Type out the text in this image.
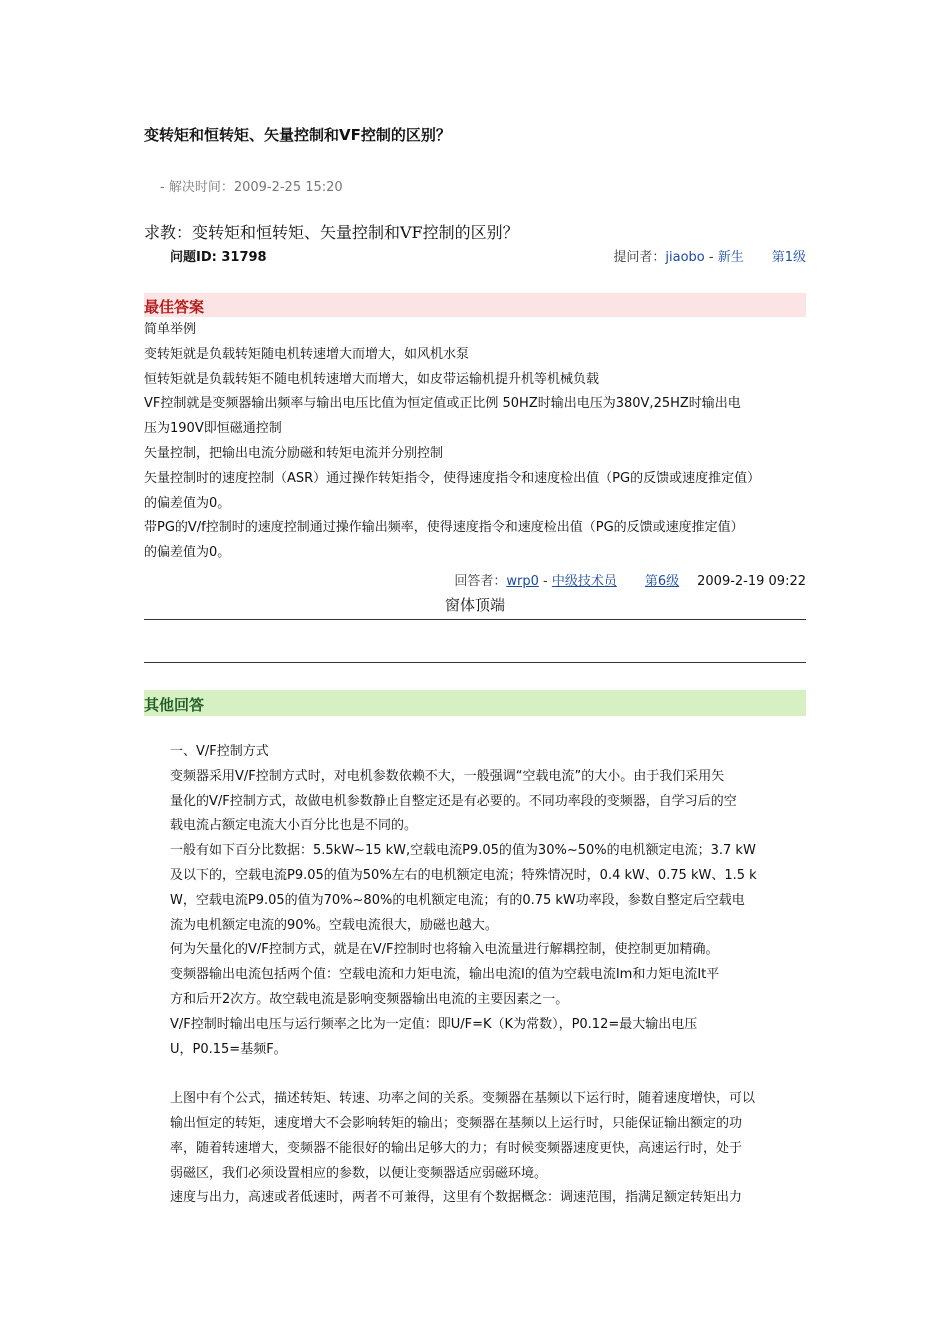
变转矩和恒转矩、矢量控制和VF控制的区别？
- 解决时间：2009-2-25 15:20
求教：变转矩和恒转矩、矢量控制和VF控制的区别？
问题ID: 31798	提问者：jiaobo - 新生 第1级
最佳答案

简单举例

变转矩就是负载转矩随电机转速增大而增大，如风机水泵

恒转矩就是负载转矩不随电机转速增大而增大，如皮带运输机提升机等机械负载

VF控制就是变频器输出频率与输出电压比值为恒定值或正比例 50HZ时输出电压为380V,25HZ时输出电

压为190V即恒磁通控制

矢量控制，把输出电流分励磁和转矩电流并分别控制

矢量控制时的速度控制（ASR）通过操作转矩指令，使得速度指令和速度检出值（PG的反馈或速度推定值）

的偏差值为0。

带PG的V/f控制时的速度控制通过操作输出频率，使得速度指令和速度检出值（PG的反馈或速度推定值）

的偏差值为0。

回答者：wrp0 - 中级技术员 第6级 2009-2-19 09:22
窗体顶端
其他回答

一、V/F控制方式

变频器采用V/F控制方式时，对电机参数依赖不大，一般强调“空载电流”的大小。由于我们采用矢

量化的V/F控制方式，故做电机参数静止自整定还是有必要的。不同功率段的变频器，自学习后的空

载电流占额定电流大小百分比也是不同的。

一般有如下百分比数据：5.5kW~15 kW,空载电流P9.05的值为30%~50%的电机额定电流；3.7 kW

及以下的，空载电流P9.05的值为50%左右的电机额定电流；特殊情况时，0.4 kW、0.75 kW、1.5 k

W，空载电流P9.05的值为70%~80%的电机额定电流；有的0.75 kW功率段，参数自整定后空载电

流为电机额定电流的90%。空载电流很大，励磁也越大。

何为矢量化的V/F控制方式，就是在V/F控制时也将输入电流量进行解耦控制，使控制更加精确。

变频器输出电流包括两个值：空载电流和力矩电流，输出电流I的值为空载电流Im和力矩电流It平

方和后开2次方。故空载电流是影响变频器输出电流的主要因素之一。

V/F控制时输出电压与运行频率之比为一定值：即U/F=K（K为常数），P0.12=最大输出电压

U，P0.15=基频F。

上图中有个公式，描述转矩、转速、功率之间的关系。变频器在基频以下运行时，随着速度增快，可以

输出恒定的转矩，速度增大不会影响转矩的输出；变频器在基频以上运行时，只能保证输出额定的功

率，随着转速增大，变频器不能很好的输出足够大的力；有时候变频器速度更快，高速运行时，处于

弱磁区，我们必须设置相应的参数，以便让变频器适应弱磁环境。

速度与出力，高速或者低速时，两者不可兼得，这里有个数据概念：调速范围，指满足额定转矩出力
